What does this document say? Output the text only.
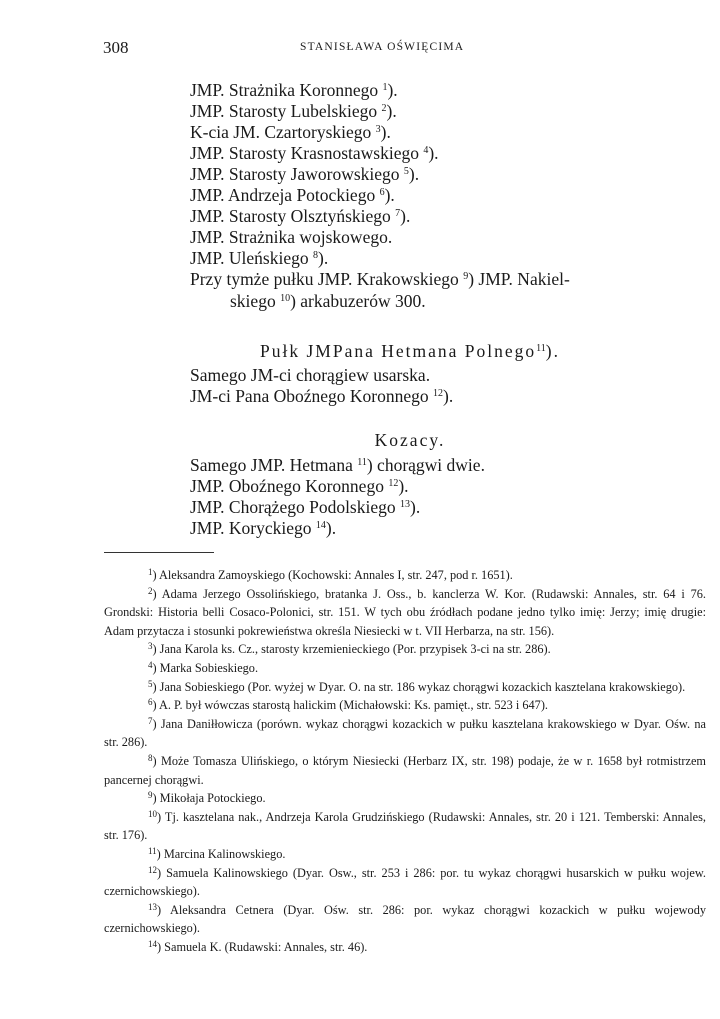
308	STANISŁAWA OŚWIĘCIMA
JMP. Strażnika Koronnego $^1$).
JMP. Starosty Lubelskiego $^2$).
K-cia JM. Czartoryskiego $^3$).
JMP. Starosty Krasnostawskiego $^4$).
JMP. Starosty Jaworowskiego $^5$).
JMP. Andrzeja Potockiego $^6$).
JMP. Starosty Olsztyńskiego $^7$).
JMP. Strażnika wojskowego.
JMP. Uleńskiego $^8$).
Przy tymże pułku JMP. Krakowskiego $^9$) JMP. Nakiel-
skiego $^{10}$) arkabuzerów 300.
Pułk JMPana Hetmana Polnego$^{11}$).
Samego JM-ci chorągiew usarska.
JM-ci Pana Oboźnego Koronnego $^{12}$).
Kozacy.
Samego JMP. Hetmana $^{11}$) chorągwi dwie.
JMP. Oboźnego Koronnego $^{12}$).
JMP. Chorążego Podolskiego $^{13}$).
JMP. Koryckiego $^{14}$).

$^1$) Aleksandra Zamoyskiego (Kochowski: Annales I, str. 247, pod r. 1651).

$^2$) Adama Jerzego Ossolińskiego, bratanka J. Oss., b. kanclerza W. Kor. (Rudawski: Annales, str. 64 i 76. Grondski: Historia belli Cosaco-Polonici, str. 151. W tych obu źródłach podane jedno tylko imię: Jerzy; imię drugie: Adam przytacza i stosunki pokrewieństwa określa Niesiecki w t. VII Herbarza, na str. 156).

$^3$) Jana Karola ks. Cz., starosty krzemienieckiego (Por. przypisek 3-ci na str. 286).

$^4$) Marka Sobieskiego.

$^5$) Jana Sobieskiego (Por. wyżej w Dyar. O. na str. 186 wykaz chorągwi kozackich kasztelana krakowskiego).

$^6$) A. P. był wówczas starostą halickim (Michałowski: Ks. pamięt., str. 523 i 647).

$^7$) Jana Daniłłowicza (porówn. wykaz chorągwi kozackich w pułku kasztelana krakowskiego w Dyar. Ośw. na str. 286).

$^8$) Może Tomasza Ulińskiego, o którym Niesiecki (Herbarz IX, str. 198) podaje, że w r. 1658 był rotmistrzem pancernej chorągwi.

$^9$) Mikołaja Potockiego.

$^{10}$) Tj. kasztelana nak., Andrzeja Karola Grudzińskiego (Rudawski: Annales, str. 20 i 121. Temberski: Annales, str. 176).

$^{11}$) Marcina Kalinowskiego.

$^{12}$) Samuela Kalinowskiego (Dyar. Osw., str. 253 i 286: por. tu wykaz chorągwi husarskich w pułku wojew. czernichowskiego).

$^{13}$) Aleksandra Cetnera (Dyar. Ośw. str. 286: por. wykaz chorągwi kozackich w pułku wojewody czernichowskiego).

$^{14}$) Samuela K. (Rudawski: Annales, str. 46).
